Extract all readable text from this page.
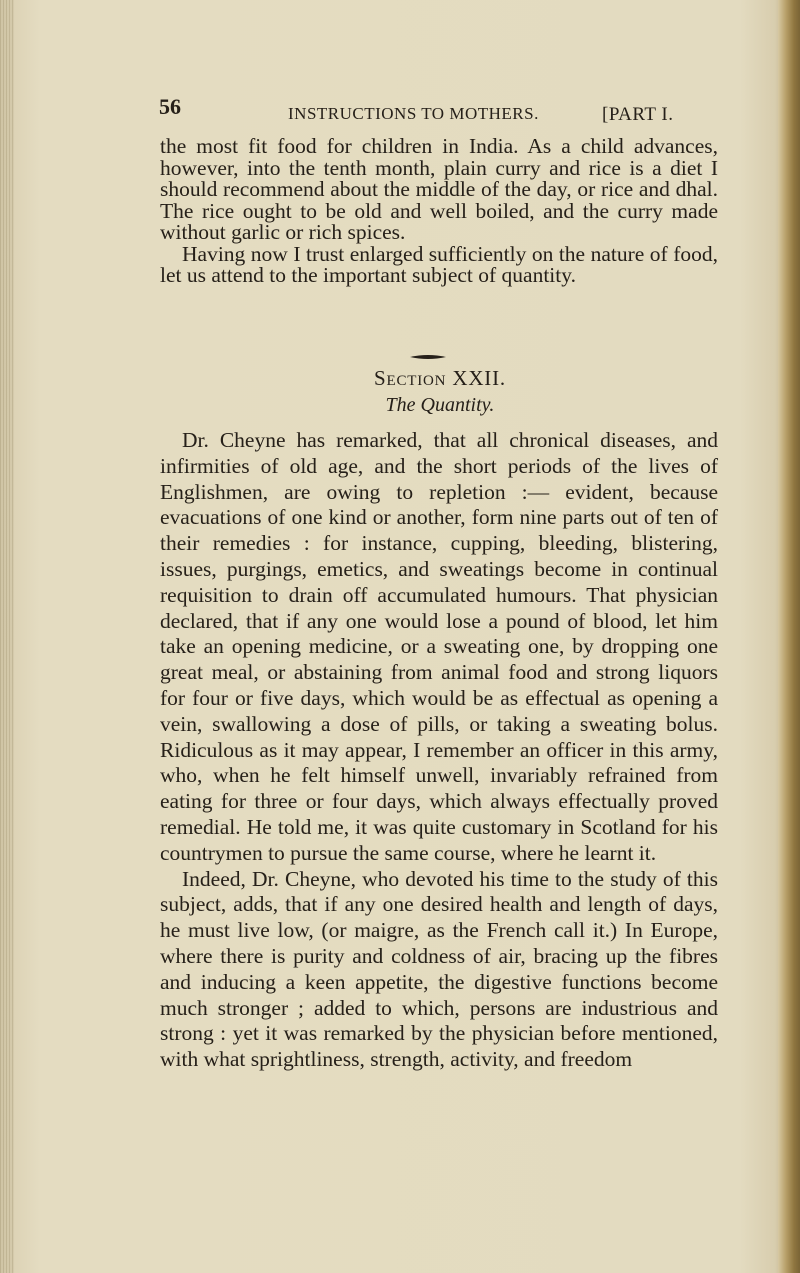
56	INSTRUCTIONS TO MOTHERS.	[PART I.

the most fit food for children in India. As a child advances, however, into the tenth month, plain curry and rice is a diet I should recommend about the middle of the day, or rice and dhal. The rice ought to be old and well boiled, and the curry made without garlic or rich spices.

Having now I trust enlarged sufficiently on the nature of food, let us attend to the important subject of quantity.

Section XXII.
The Quantity.

Dr. Cheyne has remarked, that all chronical diseases, and infirmities of old age, and the short periods of the lives of Englishmen, are owing to repletion :— evident, because evacuations of one kind or another, form nine parts out of ten of their remedies : for instance, cupping, bleeding, blistering, issues, purgings, emetics, and sweatings become in continual requisition to drain off accumulated humours. That physician declared, that if any one would lose a pound of blood, let him take an opening medicine, or a sweating one, by dropping one great meal, or abstaining from animal food and strong liquors for four or five days, which would be as effectual as opening a vein, swallowing a dose of pills, or taking a sweating bolus. Ridiculous as it may appear, I remember an officer in this army, who, when he felt himself unwell, invariably refrained from eating for three or four days, which always effectually proved remedial. He told me, it was quite customary in Scotland for his countrymen to pursue the same course, where he learnt it.

Indeed, Dr. Cheyne, who devoted his time to the study of this subject, adds, that if any one desired health and length of days, he must live low, (or maigre, as the French call it.) In Europe, where there is purity and coldness of air, bracing up the fibres and inducing a keen appetite, the digestive functions become much stronger ; added to which, persons are industrious and strong : yet it was remarked by the physician before mentioned, with what sprightliness, strength, activity, and freedom
